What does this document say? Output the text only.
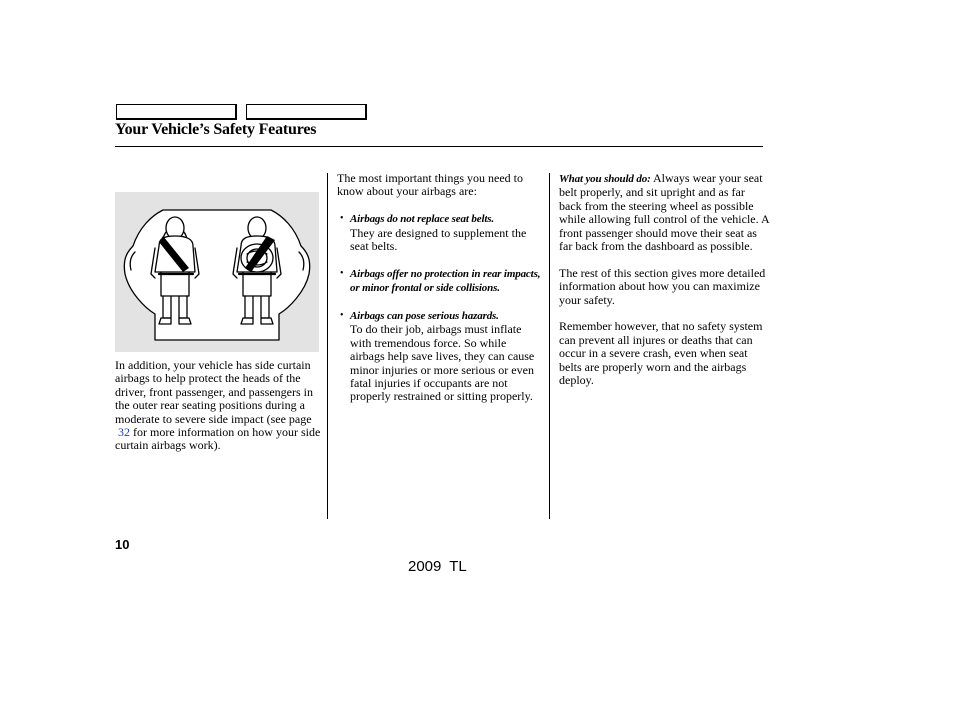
Your Vehicle’s Safety Features

In addition, your vehicle has side curtain airbags to help protect the heads of the driver, front passenger, and passengers in the outer rear seating positions during a moderate to severe side impact (see page
32 for more information on how your side curtain airbags work).

The most important things you need to know about your airbags are:

• Airbags do not replace seat belts.
They are designed to supplement the seat belts.
• Airbags offer no protection in rear impacts, or minor frontal or side collisions.
• Airbags can pose serious hazards.
To do their job, airbags must inflate with tremendous force. So while airbags help save lives, they can cause minor injuries or more serious or even fatal injuries if occupants are not properly restrained or sitting properly.

What you should do: Always wear your seat belt properly, and sit upright and as far back from the steering wheel as possible while allowing full control of the vehicle. A front passenger should move their seat as far back from the dashboard as possible.

The rest of this section gives more detailed information about how you can maximize your safety.

Remember however, that no safety system can prevent all injures or deaths that can occur in a severe crash, even when seat belts are properly worn and the airbags deploy.

10
2009 TL
